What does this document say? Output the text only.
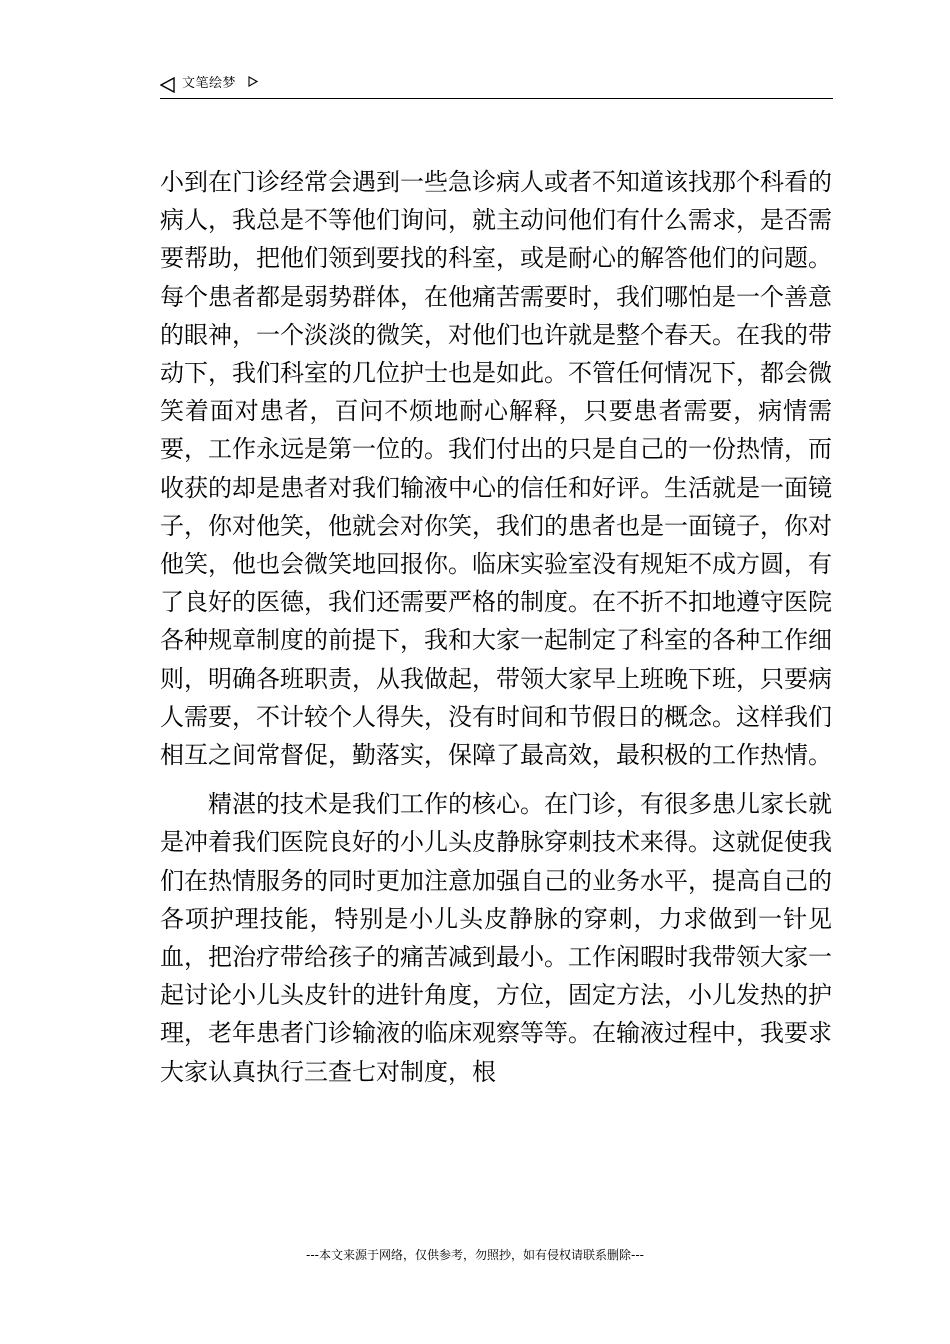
文笔绘梦

小到在门诊经常会遇到一些急诊病人或者不知道该找那个科看的病人，我总是不等他们询问，就主动问他们有什么需求，是否需要帮助，把他们领到要找的科室，或是耐心的解答他们的问题。每个患者都是弱势群体，在他痛苦需要时，我们哪怕是一个善意的眼神，一个淡淡的微笑，对他们也许就是整个春天。在我的带动下，我们科室的几位护士也是如此。不管任何情况下，都会微笑着面对患者，百问不烦地耐心解释，只要患者需要，病情需要，工作永远是第一位的。我们付出的只是自己的一份热情，而收获的却是患者对我们输液中心的信任和好评。生活就是一面镜子，你对他笑，他就会对你笑，我们的患者也是一面镜子，你对他笑，他也会微笑地回报你。临床实验室没有规矩不成方圆，有了良好的医德，我们还需要严格的制度。在不折不扣地遵守医院各种规章制度的前提下，我和大家一起制定了科室的各种工作细则，明确各班职责，从我做起，带领大家早上班晚下班，只要病人需要，不计较个人得失，没有时间和节假日的概念。这样我们相互之间常督促，勤落实，保障了最高效，最积极的工作热情。

精湛的技术是我们工作的核心。在门诊，有很多患儿家长就是冲着我们医院良好的小儿头皮静脉穿刺技术来得。这就促使我们在热情服务的同时更加注意加强自己的业务水平，提高自己的各项护理技能，特别是小儿头皮静脉的穿刺，力求做到一针见血，把治疗带给孩子的痛苦减到最小。工作闲暇时我带领大家一起讨论小儿头皮针的进针角度，方位，固定方法，小儿发热的护理，老年患者门诊输液的临床观察等等。在输液过程中，我要求大家认真执行三查七对制度，根

---本文来源于网络，仅供参考，勿照抄，如有侵权请联系删除---
